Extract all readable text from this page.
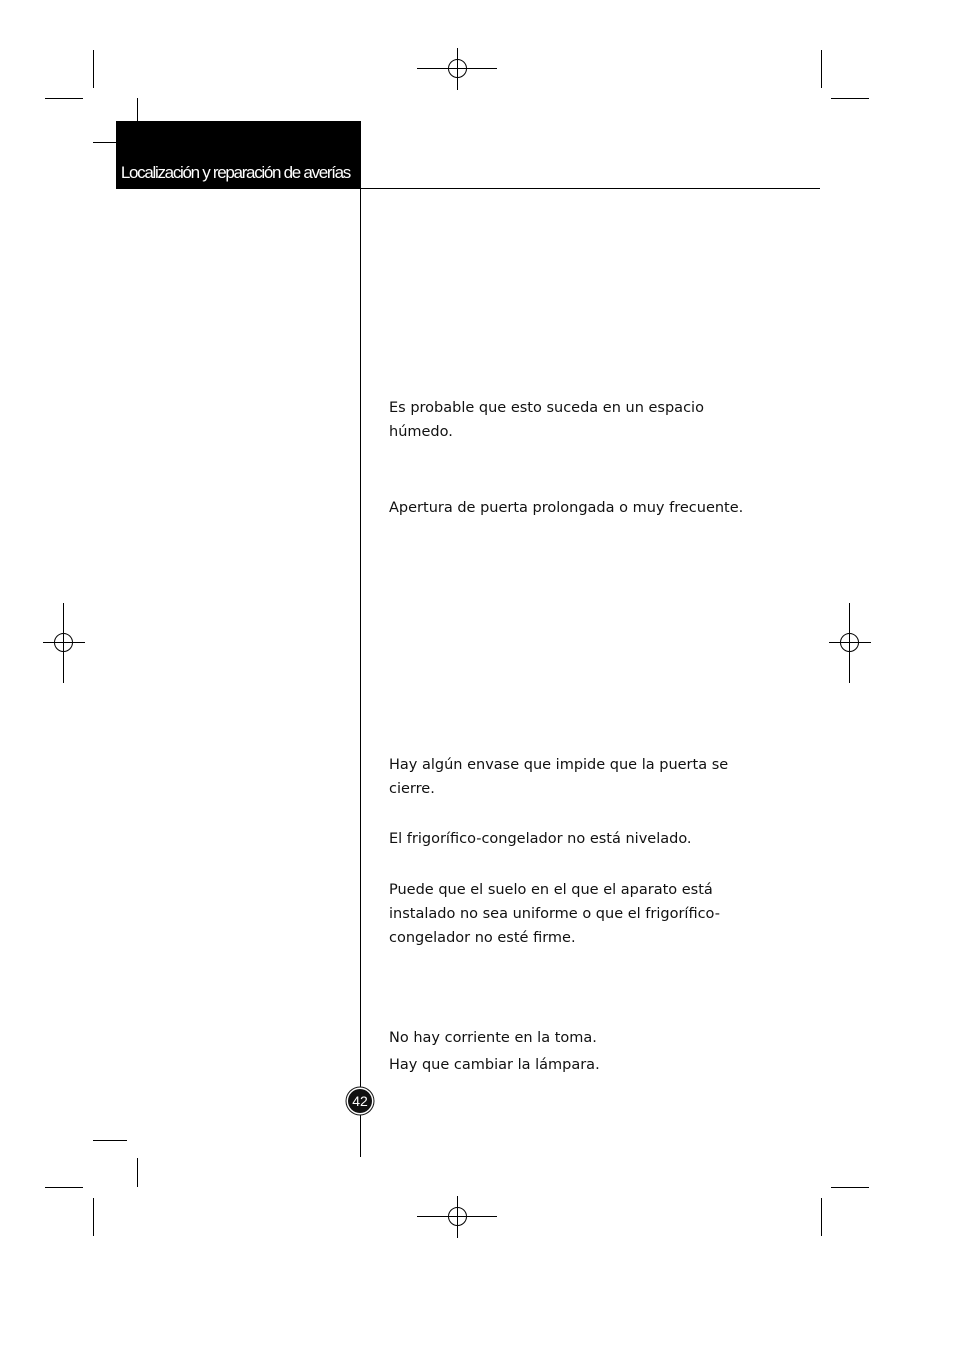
Localización y reparación de averías

Es probable que esto suceda en un espacio húmedo.

Apertura de puerta prolongada o muy frecuente.

Hay algún envase que impide que la puerta se cierre.

El frigorífico-congelador no está nivelado.

Puede que el suelo en el que el aparato está instalado no sea uniforme o que el frigorífico-congelador no esté firme.

No hay corriente en la toma.

Hay que cambiar la lámpara.

42
